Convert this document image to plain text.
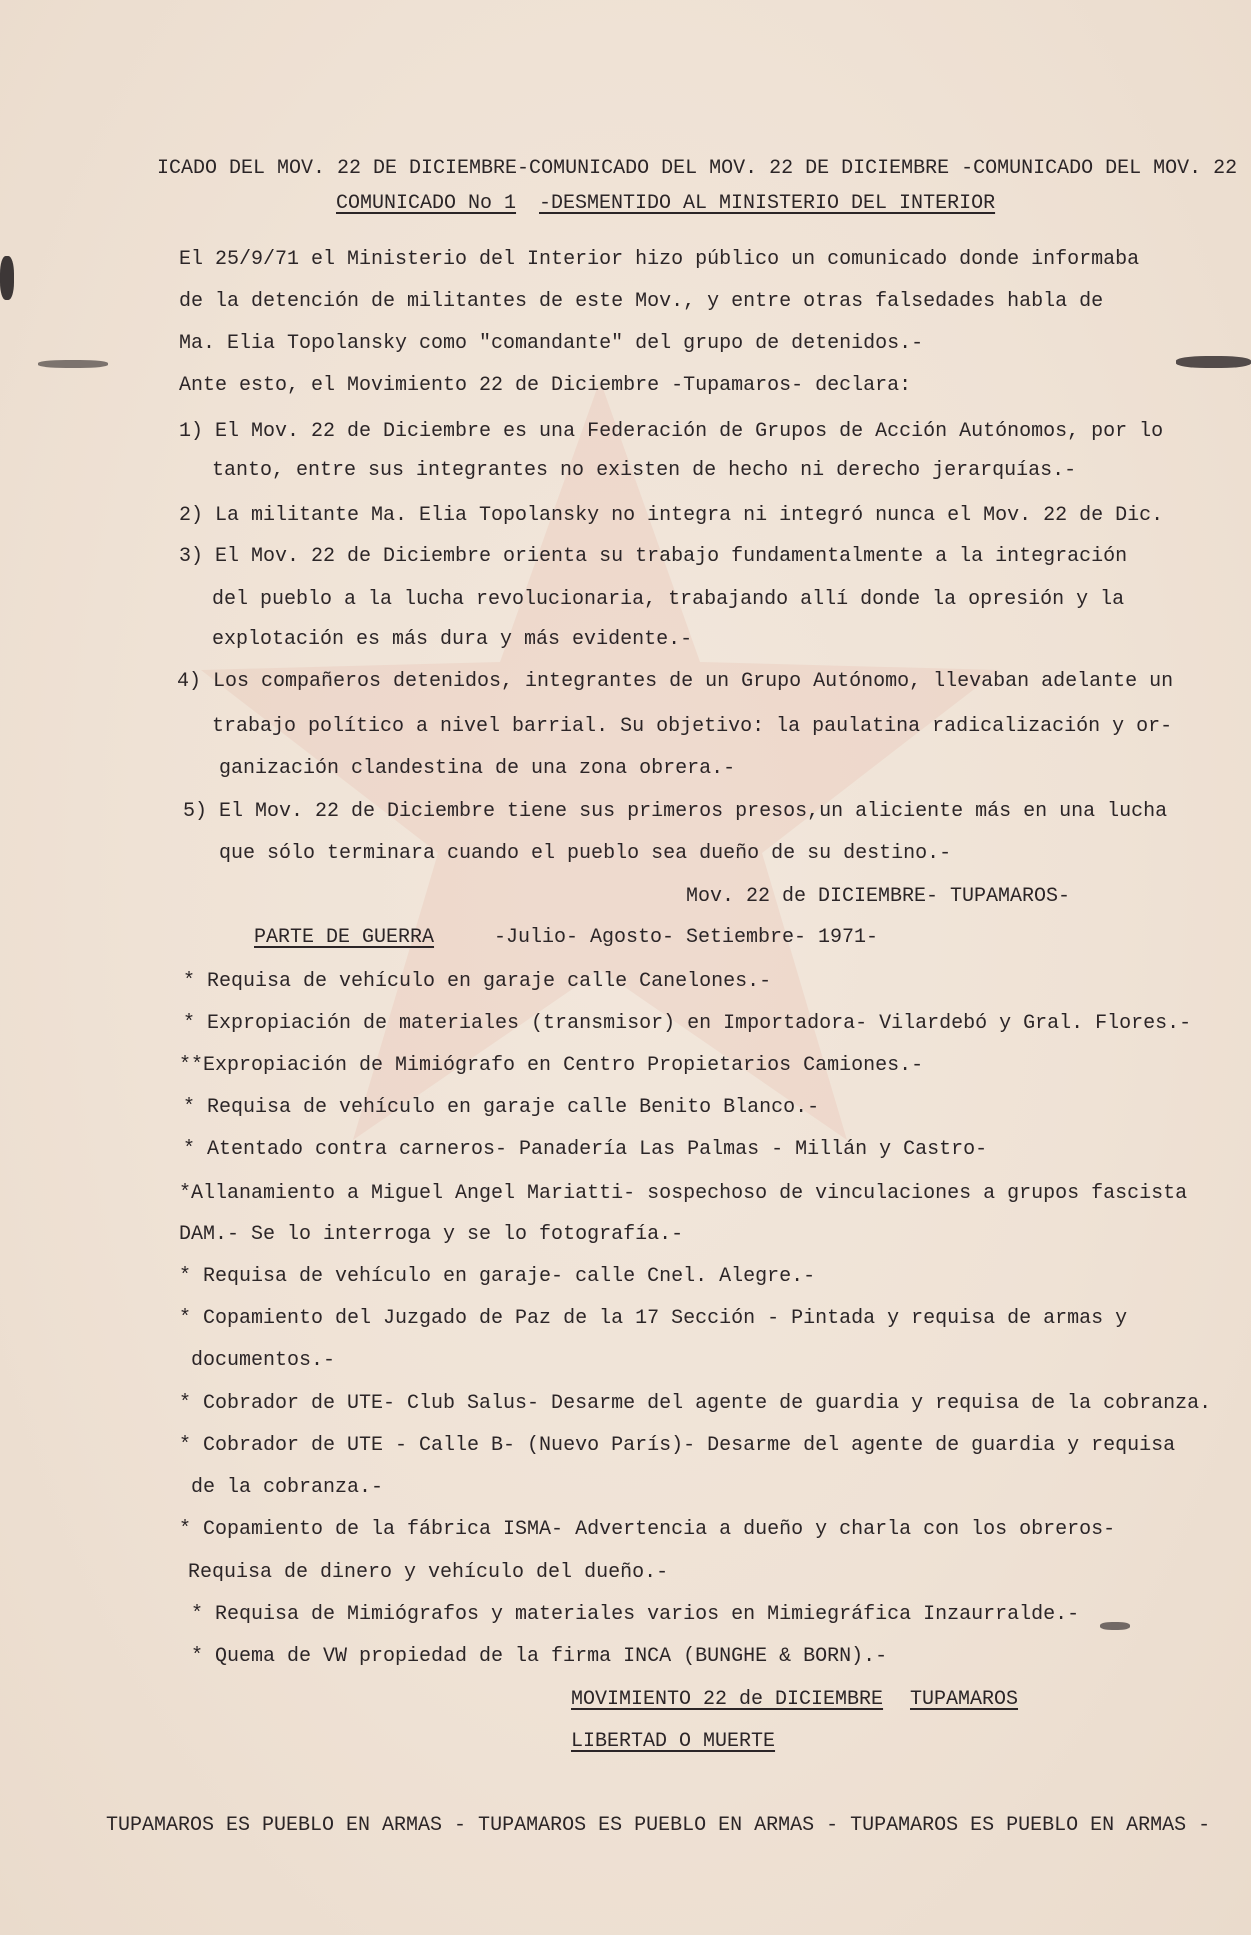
ICADO DEL MOV. 22 DE DICIEMBRE-COMUNICADO DEL MOV. 22 DE DICIEMBRE -COMUNICADO DEL MOV. 22
COMUNICADO No 1 -DESMENTIDO AL MINISTERIO DEL INTERIOR
El 25/9/71 el Ministerio del Interior hizo público un comunicado donde informaba
de la detención de militantes de este Mov., y entre otras falsedades habla de
Ma. Elia Topolansky como "comandante" del grupo de detenidos.-
Ante esto, el Movimiento 22 de Diciembre -Tupamaros- declara:
1) El Mov. 22 de Diciembre es una Federación de Grupos de Acción Autónomos, por lo
tanto, entre sus integrantes no existen de hecho ni derecho jerarquías.-
2) La militante Ma. Elia Topolansky no integra ni integró nunca el Mov. 22 de Dic.
3) El Mov. 22 de Diciembre orienta su trabajo fundamentalmente a la integración
del pueblo a la lucha revolucionaria, trabajando allí donde la opresión y la
explotación es más dura y más evidente.-
4) Los compañeros detenidos, integrantes de un Grupo Autónomo, llevaban adelante un
trabajo político a nivel barrial. Su objetivo: la paulatina radicalización y or-
ganización clandestina de una zona obrera.-
5) El Mov. 22 de Diciembre tiene sus primeros presos,un aliciente más en una lucha
que sólo terminara cuando el pueblo sea dueño de su destino.-
Mov. 22 de DICIEMBRE- TUPAMAROS-
PARTE DE GUERRA	-Julio- Agosto- Setiembre- 1971-
* Requisa de vehículo en garaje calle Canelones.-
* Expropiación de materiales (transmisor) en Importadora- Vilardebó y Gral. Flores.-
**Expropiación de Mimiógrafo en Centro Propietarios Camiones.-
* Requisa de vehículo en garaje calle Benito Blanco.-
* Atentado contra carneros- Panadería Las Palmas - Millán y Castro-
*Allanamiento a Miguel Angel Mariatti- sospechoso de vinculaciones a grupos fascista
DAM.- Se lo interroga y se lo fotografía.-
* Requisa de vehículo en garaje- calle Cnel. Alegre.-
* Copamiento del Juzgado de Paz de la 17 Sección - Pintada y requisa de armas y
documentos.-
* Cobrador de UTE- Club Salus- Desarme del agente de guardia y requisa de la cobranza.
* Cobrador de UTE - Calle B- (Nuevo París)- Desarme del agente de guardia y requisa
de la cobranza.-
* Copamiento de la fábrica ISMA- Advertencia a dueño y charla con los obreros-
Requisa de dinero y vehículo del dueño.-
* Requisa de Mimiógrafos y materiales varios en Mimiegráfica Inzaurralde.-
* Quema de VW propiedad de la firma INCA (BUNGHE & BORN).-
MOVIMIENTO 22 de DICIEMBRE TUPAMAROS
LIBERTAD O MUERTE
TUPAMAROS ES PUEBLO EN ARMAS - TUPAMAROS ES PUEBLO EN ARMAS - TUPAMAROS ES PUEBLO EN ARMAS -
